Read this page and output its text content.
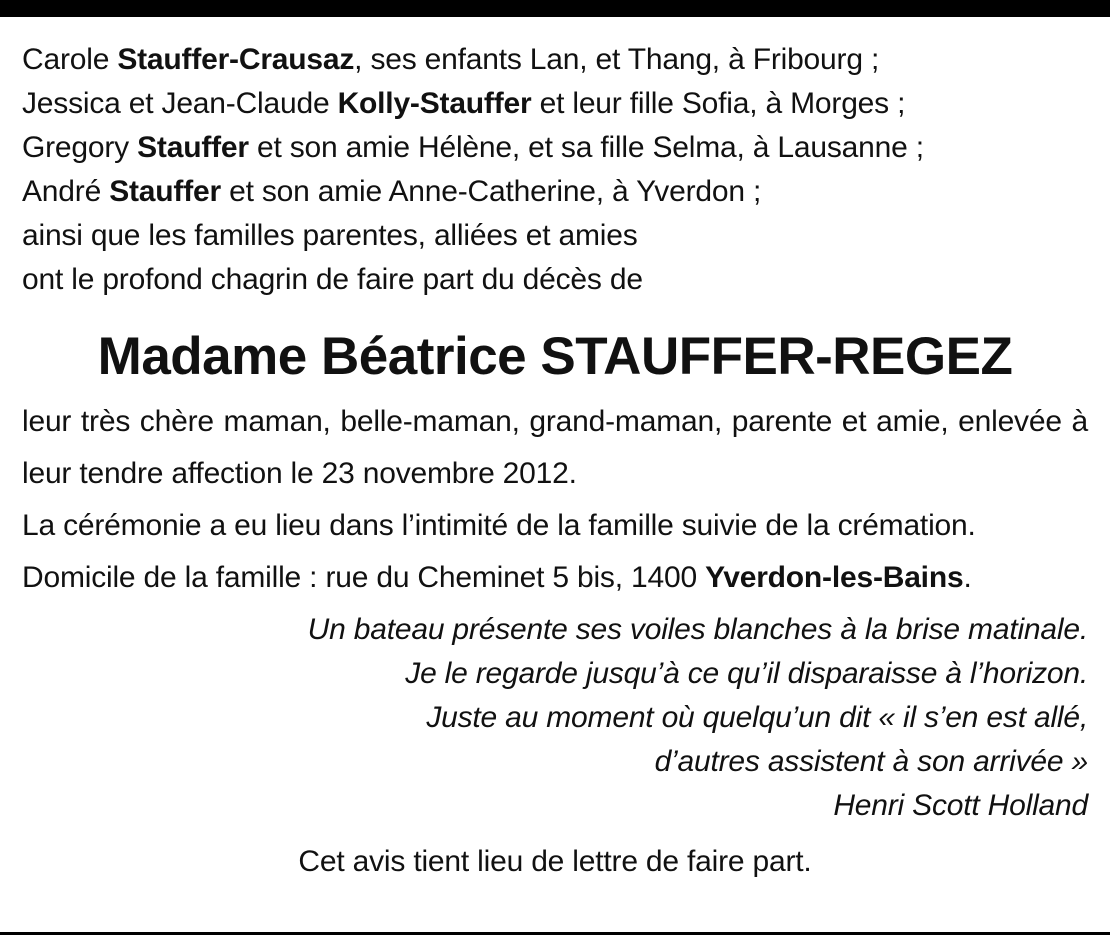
Carole Stauffer-Crausaz, ses enfants Lan, et Thang, à Fribourg ;
Jessica et Jean-Claude Kolly-Stauffer et leur fille Sofia, à Morges ;
Gregory Stauffer et son amie Hélène, et sa fille Selma, à Lausanne ;
André Stauffer et son amie Anne-Catherine, à Yverdon ;
ainsi que les familles parentes, alliées et amies
ont le profond chagrin de faire part du décès de
Madame Béatrice STAUFFER-REGEZ

leur très chère maman, belle-maman, grand-maman, parente et amie, enlevée à leur tendre affection le 23 novembre 2012.

La cérémonie a eu lieu dans l’intimité de la famille suivie de la crémation.

Domicile de la famille : rue du Cheminet 5 bis, 1400 Yverdon-les-Bains.

Un bateau présente ses voiles blanches à la brise matinale.
Je le regarde jusqu’à ce qu’il disparaisse à l’horizon.
Juste au moment où quelqu’un dit « il s’en est allé,
d’autres assistent à son arrivée »
Henri Scott Holland
Cet avis tient lieu de lettre de faire part.
